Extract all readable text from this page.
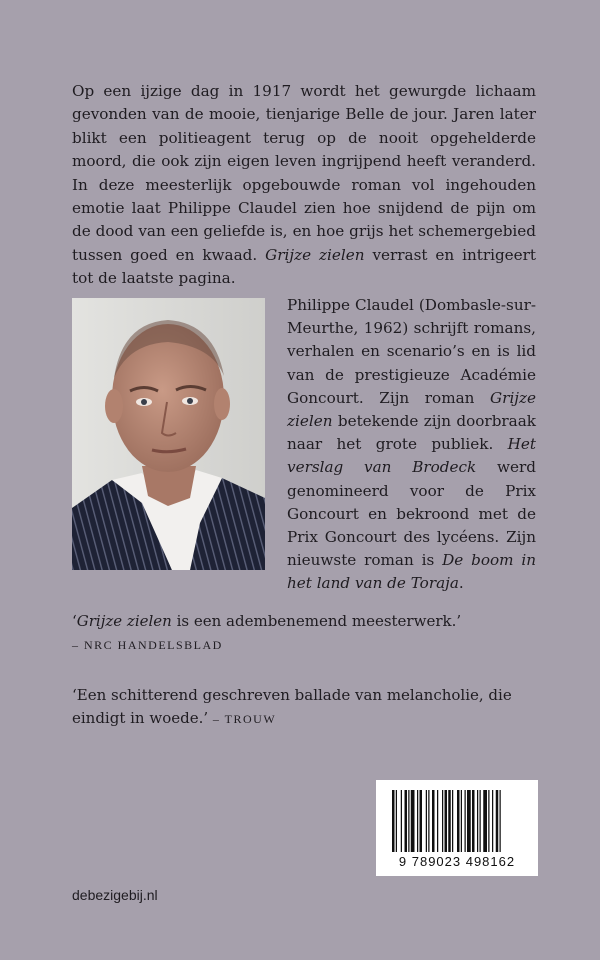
Op een ijzige dag in 1917 wordt het gewurgde lichaam gevonden van de mooie, tienjarige Belle de jour. Jaren later blikt een politieagent terug op de nooit opgehelderde moord, die ook zijn eigen leven ingrijpend heeft veranderd. In deze meesterlijk opgebouwde roman vol ingehouden emotie laat Philippe Claudel zien hoe snijdend de pijn om de dood van een geliefde is, en hoe grijs het schemergebied tussen goed en kwaad. Grijze zielen verrast en intrigeert tot de laatste pagina.

Philippe Claudel (Dombasle-sur-Meurthe, 1962) schrijft romans, verhalen en scenario’s en is lid van de prestigieuze Académie Goncourt. Zijn roman Grijze zielen betekende zijn doorbraak naar het grote publiek. Het verslag van Brodeck werd genomineerd voor de Prix Goncourt en bekroond met de Prix Goncourt des lycéens. Zijn nieuwste roman is De boom in het land van de Toraja.

‘Grijze zielen is een adembenemend meesterwerk.’
– NRC HANDELSBLAD

‘Een schitterend geschreven ballade van melancholie, die eindigt in woede.’ – TROUW

9 789023 498162
debezigebij.nl
